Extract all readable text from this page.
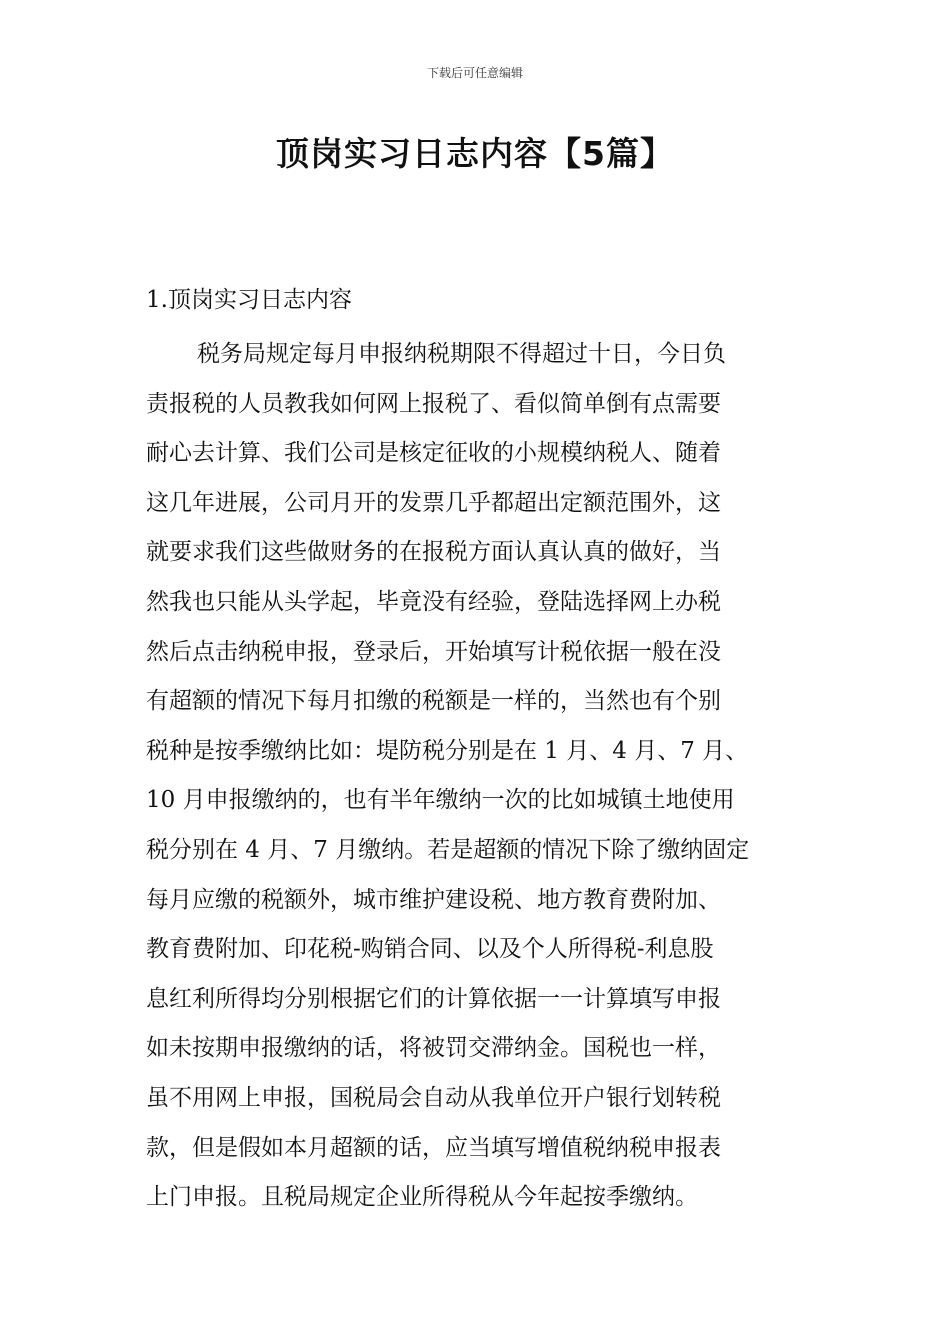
下载后可任意编辑
顶岗实习日志内容【5篇】
1.顶岗实习日志内容
税务局规定每月申报纳税期限不得超过十日，今日负
责报税的人员教我如何网上报税了、看似简单倒有点需要
耐心去计算、我们公司是核定征收的小规模纳税人、随着
这几年进展，公司月开的发票几乎都超出定额范围外，这
就要求我们这些做财务的在报税方面认真认真的做好，当
然我也只能从头学起，毕竟没有经验，登陆选择网上办税
然后点击纳税申报，登录后，开始填写计税依据一般在没
有超额的情况下每月扣缴的税额是一样的，当然也有个别
税种是按季缴纳比如：堤防税分别是在 1 月、4 月、7 月、
10 月申报缴纳的，也有半年缴纳一次的比如城镇土地使用
税分别在 4 月、7 月缴纳。若是超额的情况下除了缴纳固定
每月应缴的税额外，城市维护建设税、地方教育费附加、
教育费附加、印花税-购销合同、以及个人所得税-利息股
息红利所得均分别根据它们的计算依据一一计算填写申报
如未按期申报缴纳的话，将被罚交滞纳金。国税也一样，
虽不用网上申报，国税局会自动从我单位开户银行划转税
款，但是假如本月超额的话，应当填写增值税纳税申报表
上门申报。且税局规定企业所得税从今年起按季缴纳。
